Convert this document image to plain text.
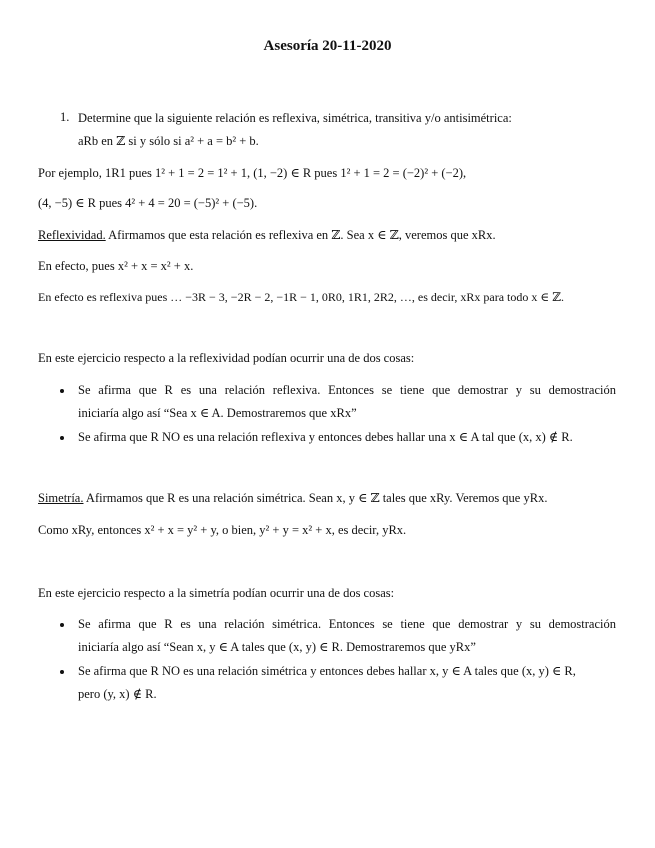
Asesoría 20-11-2020
1. Determine que la siguiente relación es reflexiva, simétrica, transitiva y/o antisimétrica:
aRb en ℤ si y sólo si a² + a = b² + b.
Por ejemplo, 1R1 pues 1² + 1 = 2 = 1² + 1, (1, −2) ∈ R pues 1² + 1 = 2 = (−2)² + (−2),
(4, −5) ∈ R pues 4² + 4 = 20 = (−5)² + (−5).
Reflexividad. Afirmamos que esta relación es reflexiva en ℤ. Sea x ∈ ℤ, veremos que xRx.
En efecto, pues x² + x = x² + x.
En efecto es reflexiva pues … −3R − 3, −2R − 2, −1R − 1, 0R0, 1R1, 2R2, …, es decir, xRx para todo x ∈ ℤ.
En este ejercicio respecto a la reflexividad podían ocurrir una de dos cosas:
Se afirma que R es una relación reflexiva. Entonces se tiene que demostrar y su demostración
iniciaría algo así “Sea x ∈ A. Demostraremos que xRx”
Se afirma que R NO es una relación reflexiva y entonces debes hallar una x ∈ A tal que (x, x) ∉ R.
Simetría. Afirmamos que R es una relación simétrica. Sean x, y ∈ ℤ tales que xRy. Veremos que yRx.
Como xRy, entonces x² + x = y² + y, o bien, y² + y = x² + x, es decir, yRx.
En este ejercicio respecto a la simetría podían ocurrir una de dos cosas:
Se afirma que R es una relación simétrica. Entonces se tiene que demostrar y su demostración
iniciaría algo así “Sean x, y ∈ A tales que (x, y) ∈ R. Demostraremos que yRx”
Se afirma que R NO es una relación simétrica y entonces debes hallar x, y ∈ A tales que (x, y) ∈ R,
pero (y, x) ∉ R.
